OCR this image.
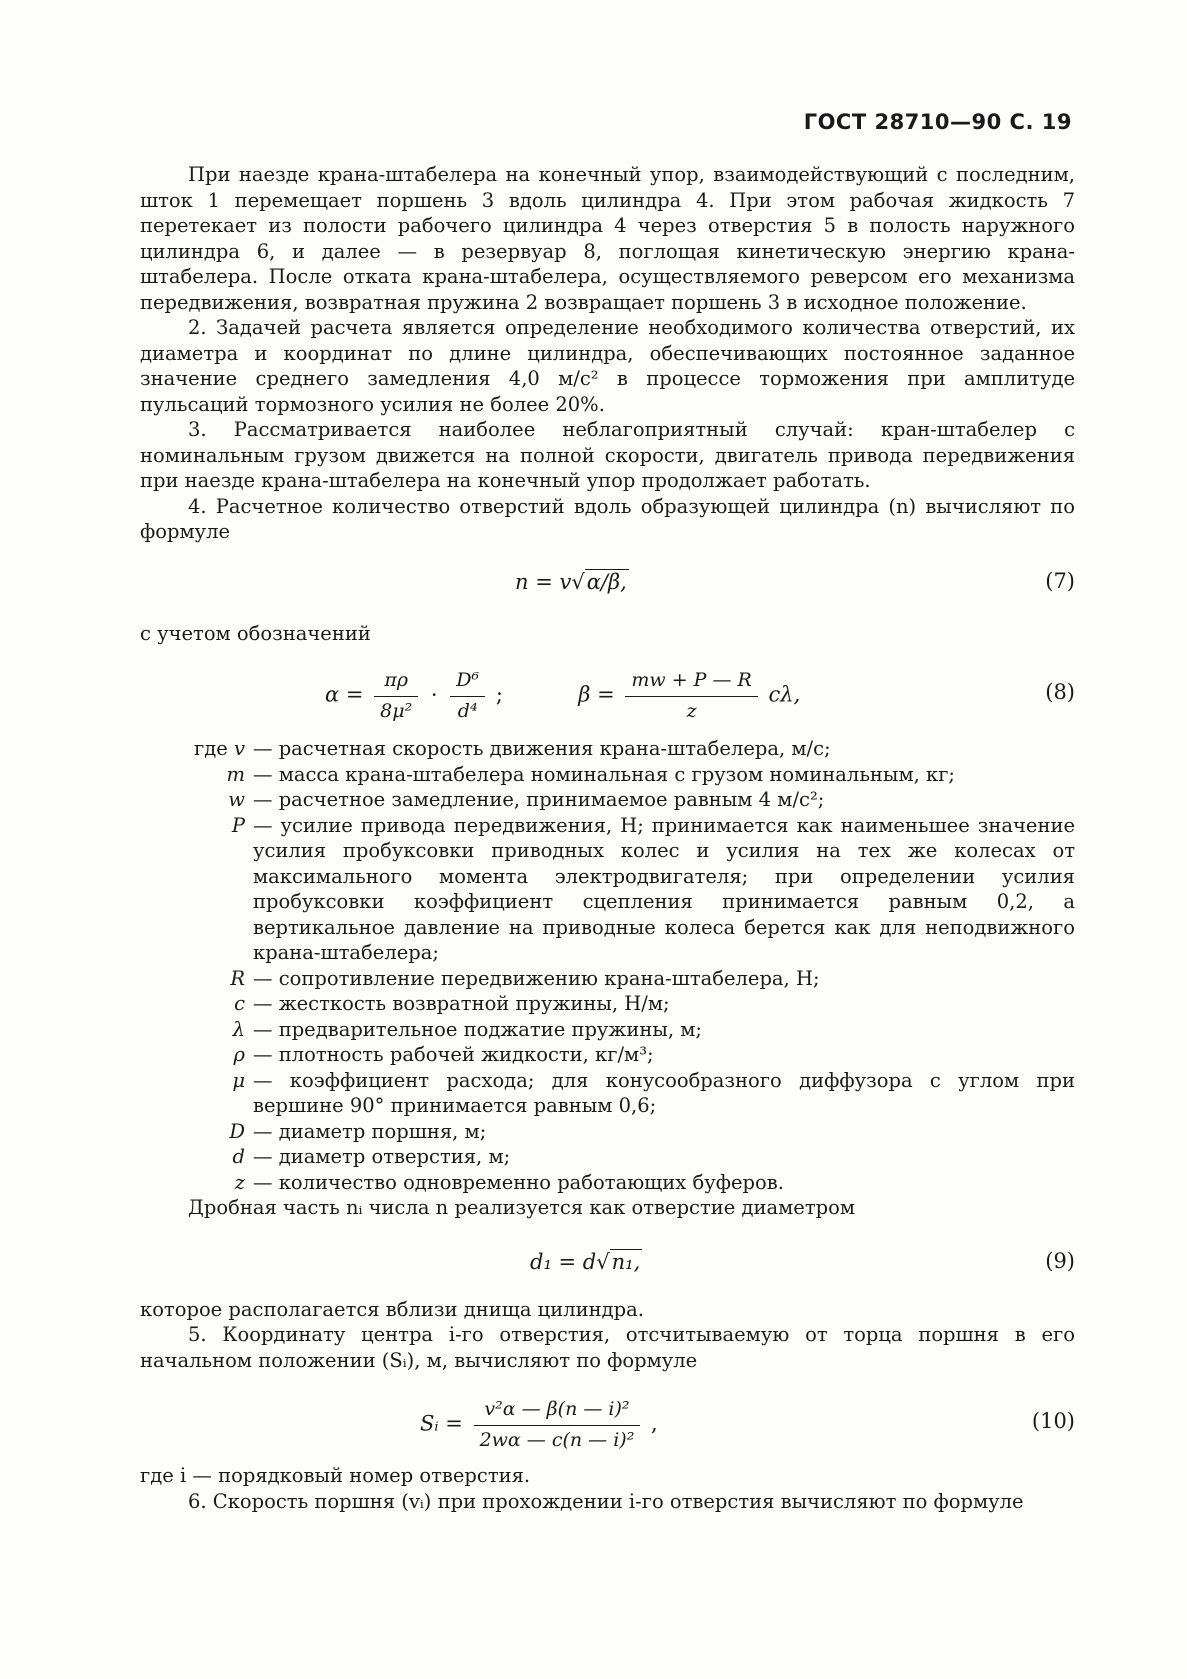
ГОСТ 28710—90 С. 19

При наезде крана-штабелера на конечный упор, взаимодействующий с последним, шток 1 перемещает поршень 3 вдоль цилиндра 4. При этом рабочая жидкость 7 перетекает из полости рабочего цилиндра 4 через отверстия 5 в полость наружного цилиндра 6, и далее — в резервуар 8, поглощая кинетическую энергию крана-штабелера. После отката крана-штабелера, осуществляемого реверсом его механизма передвижения, возвратная пружина 2 возвращает поршень 3 в исходное положение.

2. Задачей расчета является определение необходимого количества отверстий, их диаметра и координат по длине цилиндра, обеспечивающих постоянное заданное значение среднего замедления 4,0 м/с² в процессе торможения при амплитуде пульсаций тормозного усилия не более 20%.

3. Рассматривается наиболее неблагоприятный случай: кран-штабелер с номинальным грузом движется на полной скорости, двигатель привода передвижения при наезде крана-штабелера на конечный упор продолжает работать.

4. Расчетное количество отверстий вдоль образующей цилиндра (n) вычисляют по формуле

n = v√α/β,	(7)

с учетом обозначений

$\alpha = \frac{\pi\rho}{\text{8μ²}} \cdot \frac{\text{D⁶}}{\text{d⁴}}$ ;	$\beta = \frac{mw + P — R}{z} c\lambda$,	(8)
где v — расчетная скорость движения крана-штабелера, м/с;
m — масса крана-штабелера номинальная с грузом номинальным, кг;
w — расчетное замедление, принимаемое равным 4 м/с²;
P — усилие привода передвижения, Н; принимается как наименьшее значение усилия пробуксовки приводных колес и усилия на тех же колесах от максимального момента электродвигателя; при определении усилия пробуксовки коэффициент сцепления принимается равным 0,2, а вертикальное давление на приводные колеса берется как для неподвижного крана-штабелера;
R — сопротивление передвижению крана-штабелера, Н;
c — жесткость возвратной пружины, Н/м;
λ — предварительное поджатие пружины, м;
ρ — плотность рабочей жидкости, кг/м³;
μ — коэффициент расхода; для конусообразного диффузора с углом при вершине 90° принимается равным 0,6;
D — диаметр поршня, м;
d — диаметр отверстия, м;
z — количество одновременно работающих буферов.

Дробная часть nᵢ числа n реализуется как отверстие диаметром

d₁ = d√n₁,	(9)

которое располагается вблизи днища цилиндра.

5. Координату центра i-го отверстия, отсчитываемую от торца поршня в его начальном положении (Sᵢ), м, вычисляют по формуле

Sᵢ = $\frac{\text{v²α — β(n — i)²}}{\text{2wα — c(n — i)²}}$ ,	(10)

где i — порядковый номер отверстия.

6. Скорость поршня (vᵢ) при прохождении i-го отверстия вычисляют по формуле
